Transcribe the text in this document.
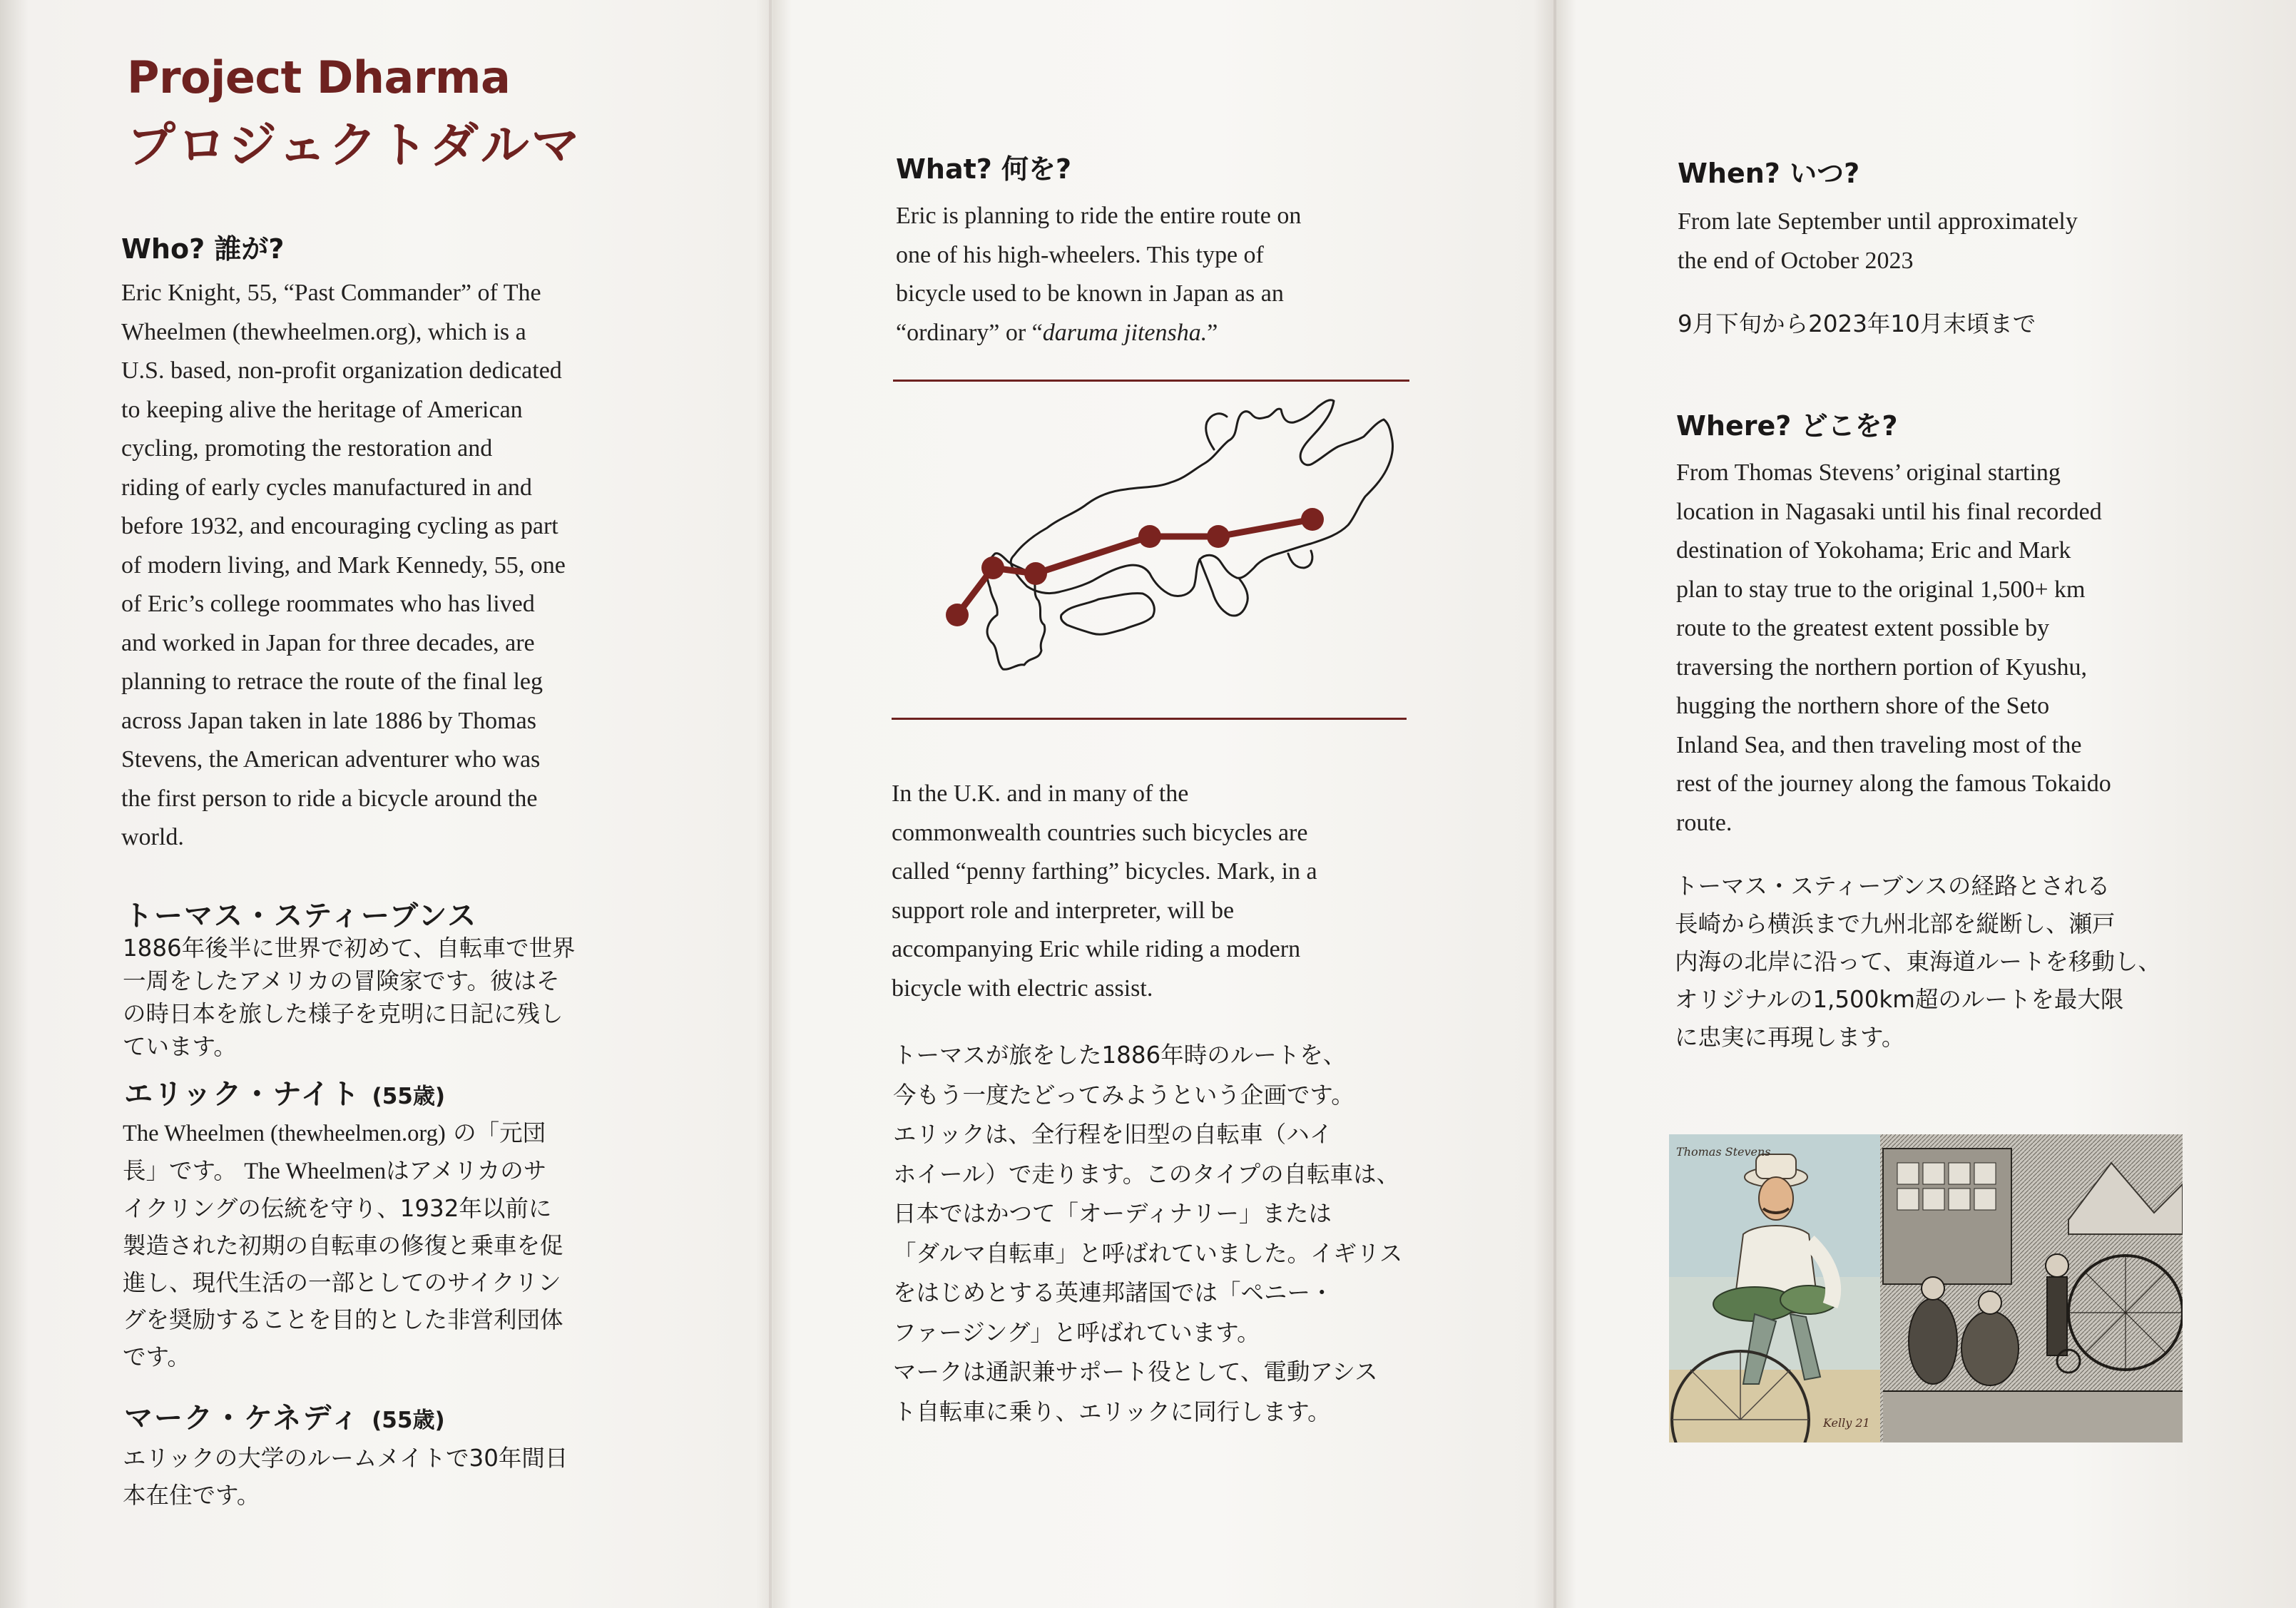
Project Dharma
プロジェクトダルマ
Who? 誰が?
Eric Knight, 55, “Past Commander” of The
Wheelmen (thewheelmen.org), which is a
U.S. based, non-profit organization dedicated
to keeping alive the heritage of American
cycling, promoting the restoration and
riding of early cycles manufactured in and
before 1932, and encouraging cycling as part
of modern living, and Mark Kennedy, 55, one
of Eric’s college roommates who has lived
and worked in Japan for three decades, are
planning to retrace the route of the final leg
across Japan taken in late 1886 by Thomas
Stevens, the American adventurer who was
the first person to ride a bicycle around the
world.
トーマス・スティーブンス
1886年後半に世界で初めて、自転車で世界
一周をしたアメリカの冒険家です。彼はそ
の時日本を旅した様子を克明に日記に残し
ています。
エリック・ナイト (55歳)
The Wheelmen (thewheelmen.org) の「元団
長」です。 The Wheelmenはアメリカのサ
イクリングの伝統を守り、1932年以前に
製造された初期の自転車の修復と乗車を促
進し、現代生活の一部としてのサイクリン
グを奨励することを目的とした非営利団体
です。
マーク・ケネディ (55歳)
エリックの大学のルームメイトで30年間日
本在住です。
What? 何を?
Eric is planning to ride the entire route on
one of his high-wheelers. This type of
bicycle used to be known in Japan as an
“ordinary” or “daruma jitensha.”
In the U.K. and in many of the
commonwealth countries such bicycles are
called “penny farthing” bicycles. Mark, in a
support role and interpreter, will be
accompanying Eric while riding a modern
bicycle with electric assist.
トーマスが旅をした1886年時のルートを、
今もう一度たどってみようという企画です。
エリックは、全行程を旧型の自転車（ハイ
ホイール）で走ります。このタイプの自転車は、
日本ではかつて「オーディナリー」または
「ダルマ自転車」と呼ばれていました。イギリス
をはじめとする英連邦諸国では「ペニー・
ファージング」と呼ばれています。
マークは通訳兼サポート役として、電動アシス
ト自転車に乗り、エリックに同行します。
When? いつ?
From late September until approximately
the end of October 2023
9月下旬から2023年10月末頃まで
Where? どこを?
From Thomas Stevens’ original starting
location in Nagasaki until his final recorded
destination of Yokohama; Eric and Mark
plan to stay true to the original 1,500+ km
route to the greatest extent possible by
traversing the northern portion of Kyushu,
hugging the northern shore of the Seto
Inland Sea, and then traveling most of the
rest of the journey along the famous Tokaido
route.
トーマス・スティーブンスの経路とされる
長崎から横浜まで九州北部を縦断し、瀬戸
内海の北岸に沿って、東海道ルートを移動し、
オリジナルの1,500km超のルートを最大限
に忠実に再現します。
Thomas Stevens
Kelly 21
